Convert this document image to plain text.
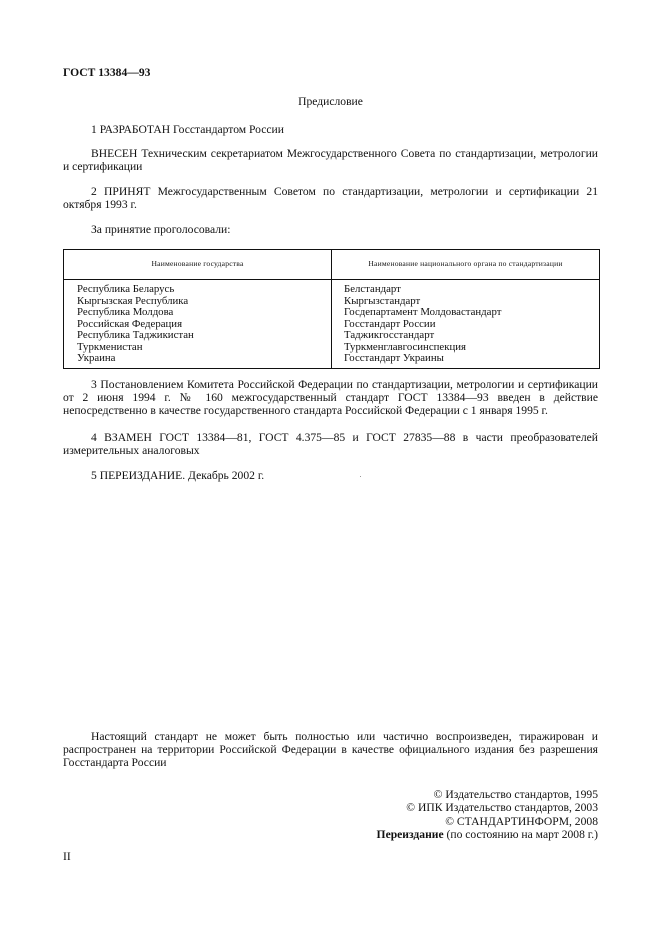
ГОСТ 13384—93
Предисловие
1 РАЗРАБОТАН Госстандартом России
ВНЕСЕН Техническим секретариатом Межгосударственного Совета по стандартизации, метрологии и сертификации
2 ПРИНЯТ Межгосударственным Советом по стандартизации, метрологии и сертификации 21 октября 1993 г.
За принятие проголосовали:
Наименование государства	Наименование национального органа по стандартизации
Республика Беларусь
Кыргызская Республика
Республика Молдова
Российская Федерация
Республика Таджикистан
Туркменистан
Украина
Белстандарт
Кыргызстандарт
Госдепартамент Молдовастандарт
Госстандарт России
Таджикгосстандарт
Туркменглавгосинспекция
Госстандарт Украины
3 Постановлением Комитета Российской Федерации по стандартизации, метрологии и сертификации от 2 июня 1994 г. № 160 межгосударственный стандарт ГОСТ 13384—93 введен в действие непосредственно в качестве государственного стандарта Российской Федерации с 1 января 1995 г.
4 ВЗАМЕН ГОСТ 13384—81, ГОСТ 4.375—85 и ГОСТ 27835—88 в части преобразователей измерительных аналоговых
5 ПЕРЕИЗДАНИЕ. Декабрь 2002 г.
Настоящий стандарт не может быть полностью или частично воспроизведен, тиражирован и распространен на территории Российской Федерации в качестве официального издания без разрешения Госстандарта России
© Издательство стандартов, 1995
© ИПК Издательство стандартов, 2003
© СТАНДАРТИНФОРМ, 2008
Переиздание (по состоянию на март 2008 г.)
II
